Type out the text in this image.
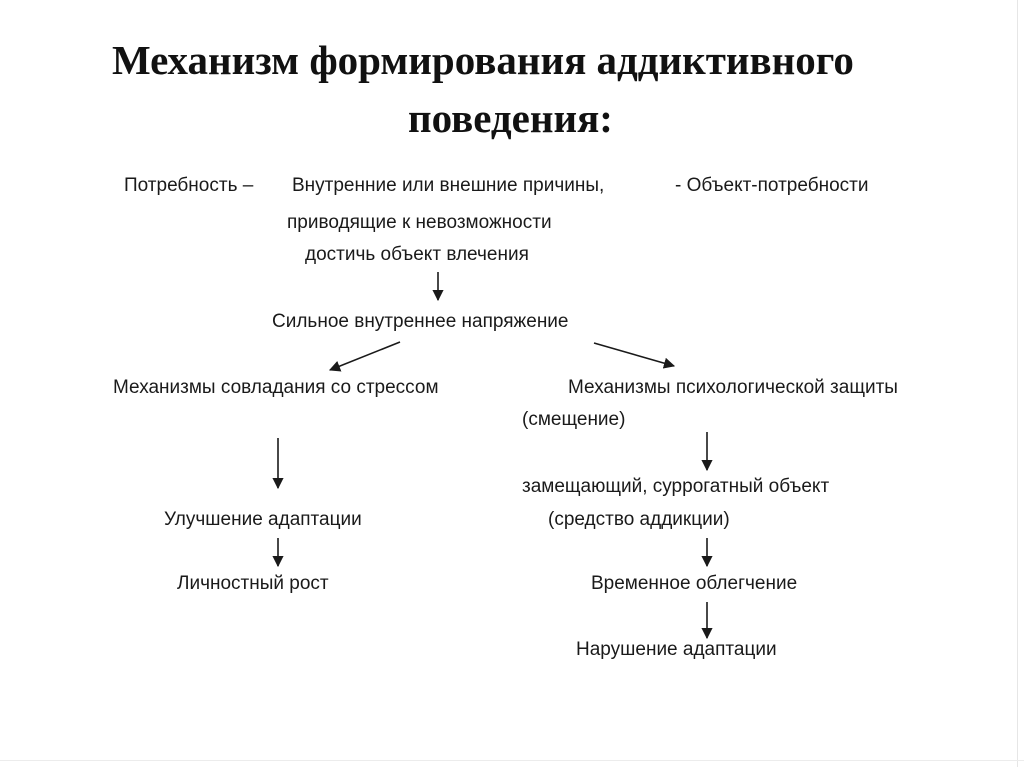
Механизм формирования аддиктивного
поведения:
Потребность – Внутренние или внешние причины,	- Объект-потребности
приводящие к невозможности
достичь объект влечения
Сильное внутреннее напряжение
Механизмы совладания со стрессом	Механизмы психологической защиты
(смещение)
замещающий, суррогатный объект
(средство аддикции)
Улучшение адаптации
Личностный рост	Временное облегчение
Нарушение адаптации
